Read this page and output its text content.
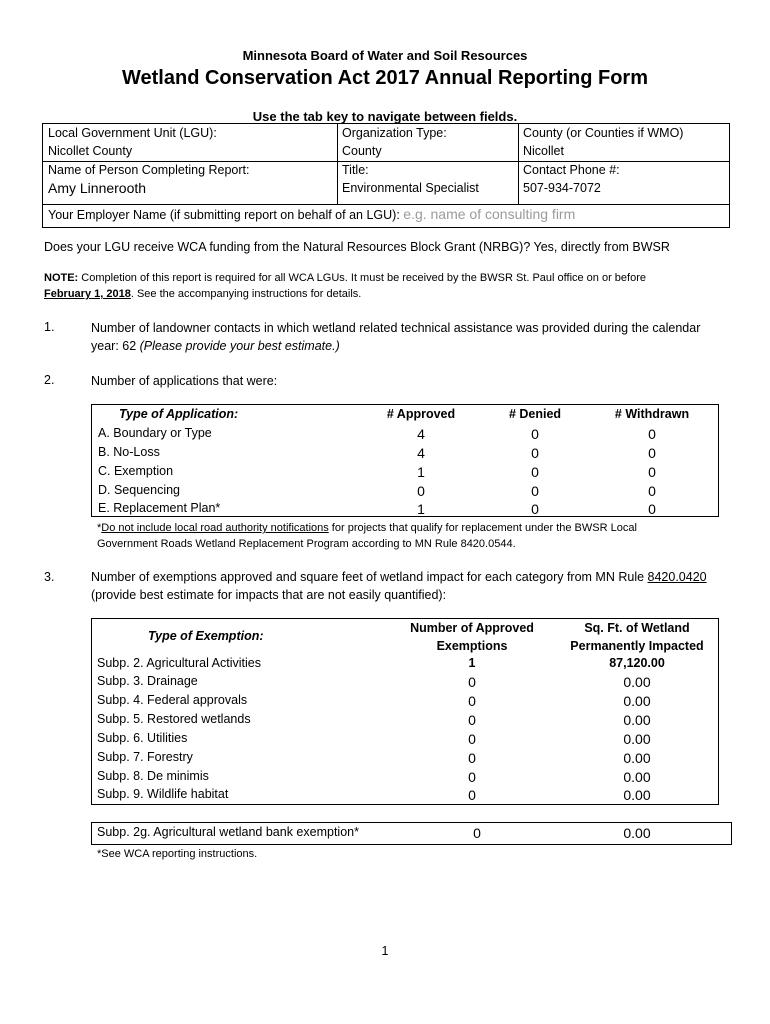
Minnesota Board of Water and Soil Resources
Wetland Conservation Act 2017 Annual Reporting Form
Use the tab key to navigate between fields.
Local Government Unit (LGU):
Nicollet County
Organization Type:
County
County (or Counties if WMO)
Nicollet
Name of Person Completing Report:
Amy Linnerooth
Title:
Environmental Specialist
Contact Phone #:
507-934-7072
Your Employer Name (if submitting report on behalf of an LGU): e.g. name of consulting firm
Does your LGU receive WCA funding from the Natural Resources Block Grant (NRBG)? Yes, directly from BWSR
NOTE: Completion of this report is required for all WCA LGUs. It must be received by the BWSR St. Paul office on or before
February 1, 2018. See the accompanying instructions for details.
1.	Number of landowner contacts in which wetland related technical assistance was provided during the calendar
year: 62 (Please provide your best estimate.)
2.	Number of applications that were:
Type of Application:	# Approved	# Denied	# Withdrawn
A. Boundary or Type	4	0	0
B. No-Loss	4	0	0
C. Exemption	1	0	0
D. Sequencing	0	0	0
E. Replacement Plan*	1	0	0
*Do not include local road authority notifications for projects that qualify for replacement under the BWSR Local
Government Roads Wetland Replacement Program according to MN Rule 8420.0544.
3.	Number of exemptions approved and square feet of wetland impact for each category from MN Rule 8420.0420
(provide best estimate for impacts that are not easily quantified):
Type of Exemption:
Number of Approved
Exemptions
Sq. Ft. of Wetland
Permanently Impacted
Subp. 2. Agricultural Activities	1	87,120.00
Subp. 3. Drainage	0	0.00
Subp. 4. Federal approvals	0	0.00
Subp. 5. Restored wetlands	0	0.00
Subp. 6. Utilities	0	0.00
Subp. 7. Forestry	0	0.00
Subp. 8. De minimis	0	0.00
Subp. 9. Wildlife habitat	0	0.00
Subp. 2g. Agricultural wetland bank exemption*	0	0.00
*See WCA reporting instructions.
1
